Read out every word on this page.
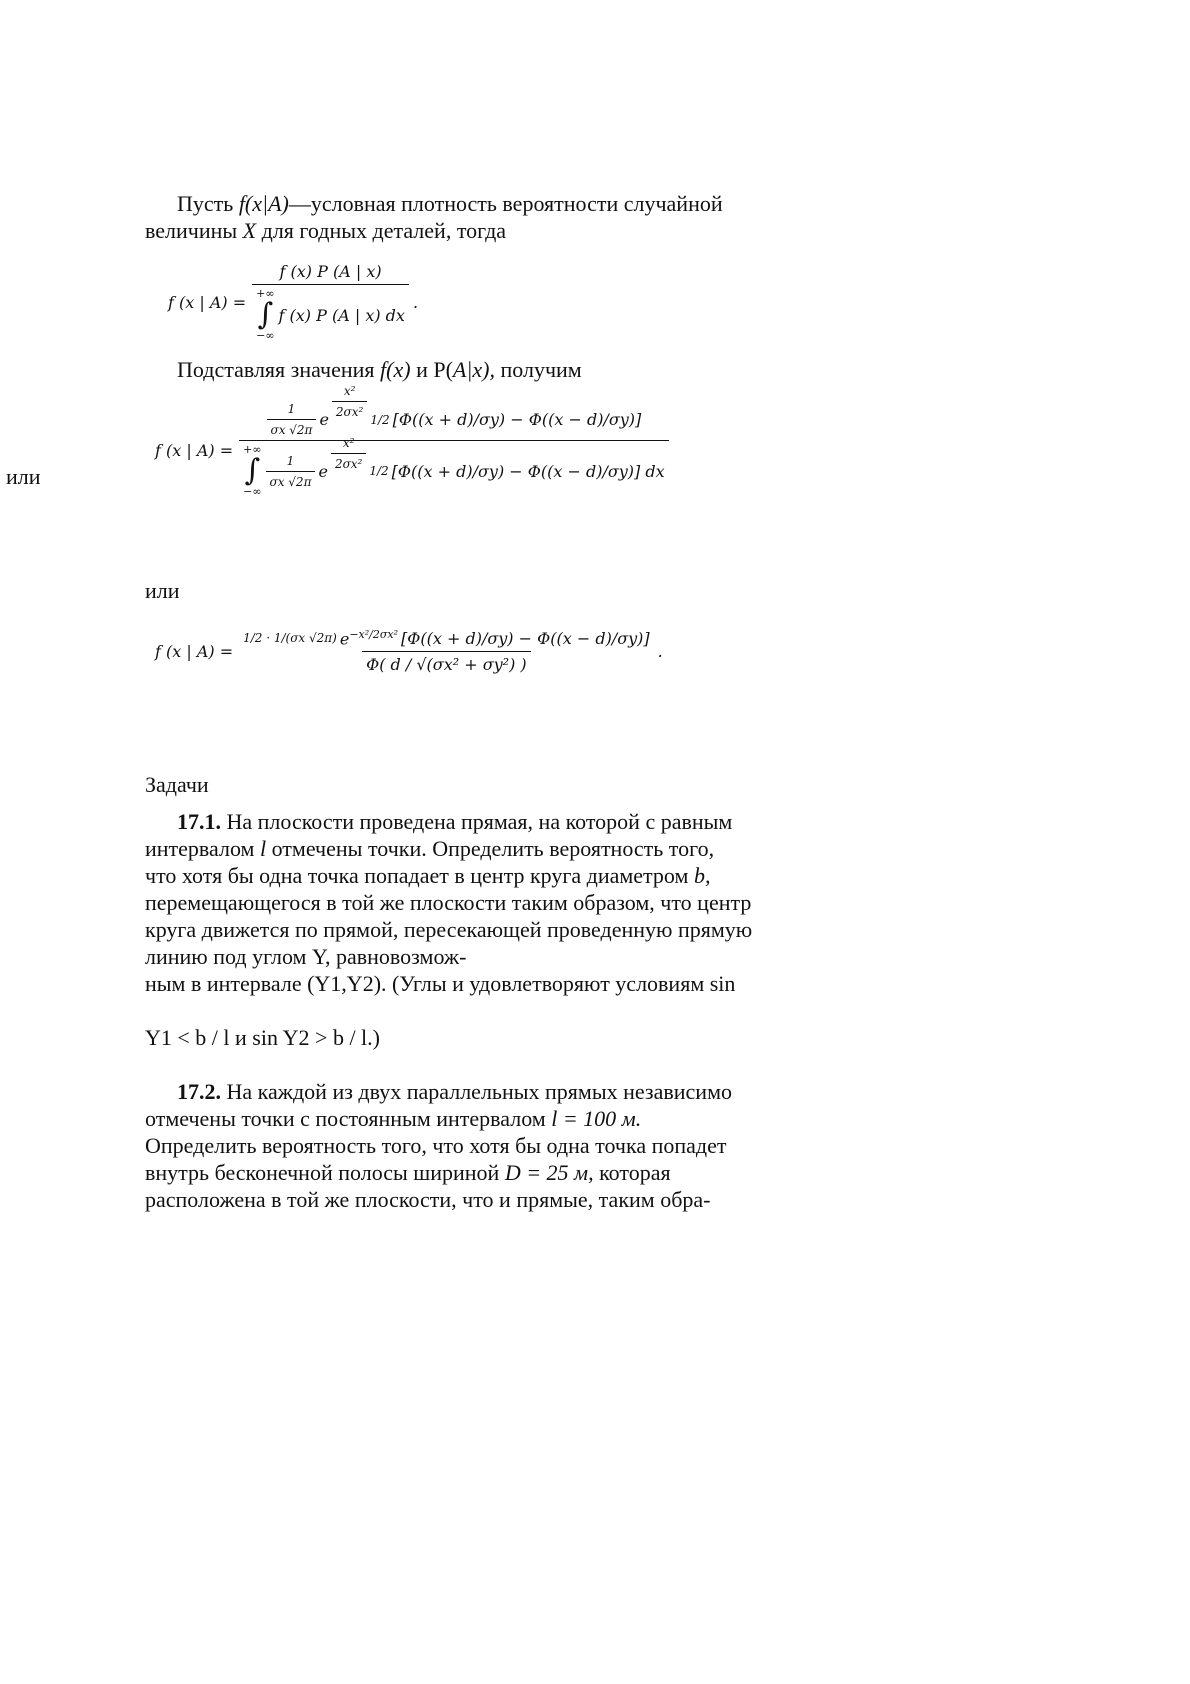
Пусть f(x|A)—условная плотность вероятности случайной

величины X для годных деталей, тогда

f (x | A) =
f (x) P (A | x)
+∞
∫
−∞
f (x) P (A | x) dx
.

Подставляя значения f(x) и P(A|x), получим

или
f (x | A) =
$\frac{1}{\sigma x √2\pi}$ e
$\frac{\text{x²}}{\text{2σx²}}$
1/2 [Φ((x + d)/σy) − Φ((x − d)/σy)]
+∞
∫
−∞
$\frac{1}{\sigma x √2\pi}$ e
$\frac{\text{x²}}{\text{2σx²}}$
1/2 [Φ((x + d)/σy) − Φ((x − d)/σy)] dx
или
f (x | A) =
1/2 · 1/(σx √2π) $e^{-x^2/2\sigma x^2}$ [Φ((x + d)/σy) − Φ((x − d)/σy)]
Φ( d / √(σx² + σy²) )
.
Задачи

17.1. На плоскости проведена прямая, на которой с равным

интервалом l отмечены точки. Определить вероятность того,

что хотя бы одна точка попадает в центр круга диаметром b,

перемещающегося в той же плоскости таким образом, что центр

круга движется по прямой, пересекающей проведенную прямую

линию под углом Y, равновозмож-

ным в интервале (Y1,Y2). (Углы и удовлетворяют условиям sin

Y1 < b / l и sin Y2 > b / l.)

17.2. На каждой из двух параллельных прямых независимо

отмечены точки с постоянным интервалом l = 100 м.

Определить вероятность того, что хотя бы одна точка попадет

внутрь бесконечной полосы шириной D = 25 м, которая

расположена в той же плоскости, что и прямые, таким обра-
